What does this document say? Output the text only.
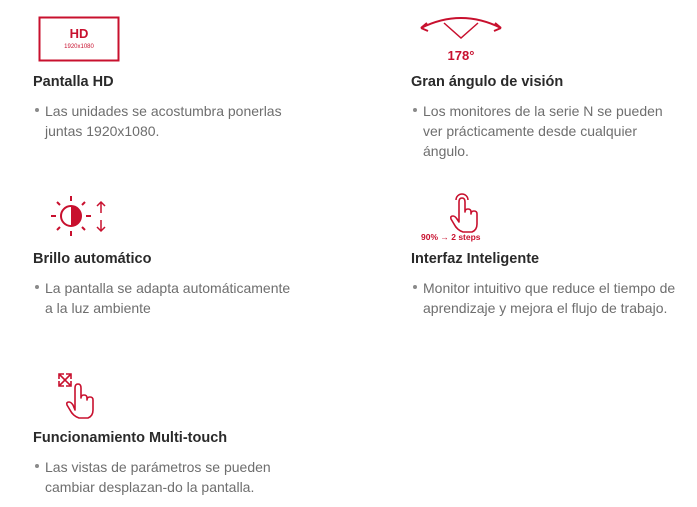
HD
1920x1080
Pantalla HD
Las unidades se acostumbra ponerlas juntas 1920x1080.
178°
Gran ángulo de visión
Los monitores de la serie N se pueden ver prácticamente desde cualquier ángulo.
Brillo automático
La pantalla se adapta automáticamente a la luz ambiente
90% → 2 steps
Interfaz Inteligente
Monitor intuitivo que reduce el tiempo de aprendizaje y mejora el flujo de trabajo.
Funcionamiento Multi-touch
Las vistas de parámetros se pueden cambiar desplazan-do la pantalla.
